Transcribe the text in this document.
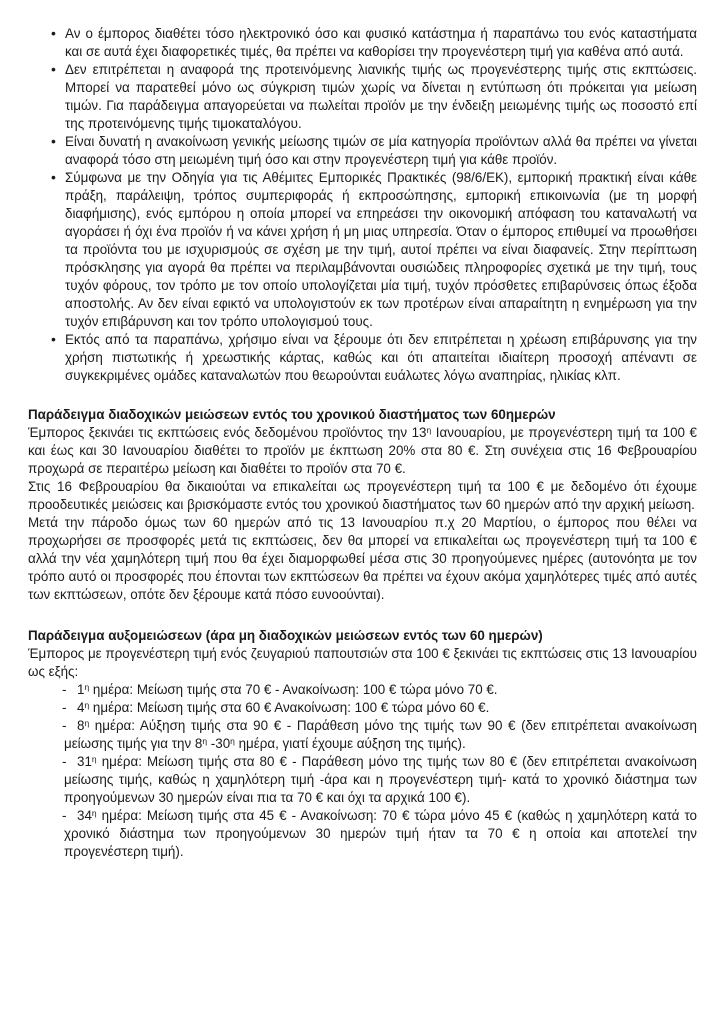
• Αν ο έμπορος διαθέτει τόσο ηλεκτρονικό όσο και φυσικό κατάστημα ή παραπάνω του ενός καταστήματα και σε αυτά έχει διαφορετικές τιμές, θα πρέπει να καθορίσει την προγενέστερη τιμή για καθένα από αυτά.
• Δεν επιτρέπεται η αναφορά της προτεινόμενης λιανικής τιμής ως προγενέστερης τιμής στις εκπτώσεις. Μπορεί να παρατεθεί μόνο ως σύγκριση τιμών χωρίς να δίνεται η εντύπωση ότι πρόκειται για μείωση τιμών. Για παράδειγμα απαγορεύεται να πωλείται προϊόν με την ένδειξη μειωμένης τιμής ως ποσοστό επί της προτεινόμενης τιμής τιμοκαταλόγου.
• Είναι δυνατή η ανακοίνωση γενικής μείωσης τιμών σε μία κατηγορία προϊόντων αλλά θα πρέπει να γίνεται αναφορά τόσο στη μειωμένη τιμή όσο και στην προγενέστερη τιμή για κάθε προϊόν.
• Σύμφωνα με την Οδηγία για τις Αθέμιτες Εμπορικές Πρακτικές (98/6/ΕΚ), εμπορική πρακτική είναι κάθε πράξη, παράλειψη, τρόπος συμπεριφοράς ή εκπροσώπησης, εμπορική επικοινωνία (με τη μορφή διαφήμισης), ενός εμπόρου η οποία μπορεί να επηρεάσει την οικονομική απόφαση του καταναλωτή να αγοράσει ή όχι ένα προϊόν ή να κάνει χρήση ή μη μιας υπηρεσία. Όταν ο έμπορος επιθυμεί να προωθήσει τα προϊόντα του με ισχυρισμούς σε σχέση με την τιμή, αυτοί πρέπει να είναι διαφανείς. Στην περίπτωση πρόσκλησης για αγορά θα πρέπει να περιλαμβάνονται ουσιώδεις πληροφορίες σχετικά με την τιμή, τους τυχόν φόρους, τον τρόπο με τον οποίο υπολογίζεται μία τιμή, τυχόν πρόσθετες επιβαρύνσεις όπως έξοδα αποστολής. Αν δεν είναι εφικτό να υπολογιστούν εκ των προτέρων είναι απαραίτητη η ενημέρωση για την τυχόν επιβάρυνση και τον τρόπο υπολογισμού τους.
• Εκτός από τα παραπάνω, χρήσιμο είναι να ξέρουμε ότι δεν επιτρέπεται η χρέωση επιβάρυνσης για την χρήση πιστωτικής ή χρεωστικής κάρτας, καθώς και ότι απαιτείται ιδιαίτερη προσοχή απέναντι σε συγκεκριμένες ομάδες καταναλωτών που θεωρούνται ευάλωτες λόγω αναπηρίας, ηλικίας κλπ.
Παράδειγμα διαδοχικών μειώσεων εντός του χρονικού διαστήματος των 60ημερών

Έμπορος ξεκινάει τις εκπτώσεις ενός δεδομένου προϊόντος την $13^\eta$ Ιανουαρίου, με προγενέστερη τιμή τα 100 € και έως και 30 Ιανουαρίου διαθέτει το προϊόν με έκπτωση 20% στα 80 €. Στη συνέχεια στις 16 Φεβρουαρίου προχωρά σε περαιτέρω μείωση και διαθέτει το προϊόν στα 70 €.

Στις 16 Φεβρουαρίου θα δικαιούται να επικαλείται ως προγενέστερη τιμή τα 100 € με δεδομένο ότι έχουμε προοδευτικές μειώσεις και βρισκόμαστε εντός του χρονικού διαστήματος των 60 ημερών από την αρχική μείωση.

Μετά την πάροδο όμως των 60 ημερών από τις 13 Ιανουαρίου π.χ 20 Μαρτίου, ο έμπορος που θέλει να προχωρήσει σε προσφορές μετά τις εκπτώσεις, δεν θα μπορεί να επικαλείται ως προγενέστερη τιμή τα 100 € αλλά την νέα χαμηλότερη τιμή που θα έχει διαμορφωθεί μέσα στις 30 προηγούμενες ημέρες (αυτονόητα με τον τρόπο αυτό οι προσφορές που έπονται των εκπτώσεων θα πρέπει να έχουν ακόμα χαμηλότερες τιμές από αυτές των εκπτώσεων, οπότε δεν ξέρουμε κατά πόσο ευνοούνται).

Παράδειγμα αυξομειώσεων (άρα μη διαδοχικών μειώσεων εντός των 60 ημερών)

Έμπορος με προγενέστερη τιμή ενός ζευγαριού παπουτσιών στα 100 € ξεκινάει τις εκπτώσεις στις 13 Ιανουαρίου ως εξής:

- $1^\eta$ ημέρα: Μείωση τιμής στα 70 € - Ανακοίνωση: 100 € τώρα μόνο 70 €.
- $4^\eta$ ημέρα: Μείωση τιμής στα 60 € Ανακοίνωση: 100 € τώρα μόνο 60 €.
- $8^\eta$ ημέρα: Αύξηση τιμής στα 90 € - Παράθεση μόνο της τιμής των 90 € (δεν επιτρέπεται ανακοίνωση μείωσης τιμής για την $8^\eta$ $-30^\eta$ ημέρα, γιατί έχουμε αύξηση της τιμής).
- $31^\eta$ ημέρα: Μείωση τιμής στα 80 € - Παράθεση μόνο της τιμής των 80 € (δεν επιτρέπεται ανακοίνωση μείωσης τιμής, καθώς η χαμηλότερη τιμή -άρα και η προγενέστερη τιμή- κατά το χρονικό διάστημα των προηγούμενων 30 ημερών είναι πια τα 70 € και όχι τα αρχικά 100 €).
- $34^\eta$ ημέρα: Μείωση τιμής στα 45 € - Ανακοίνωση: 70 € τώρα μόνο 45 € (καθώς η χαμηλότερη κατά το χρονικό διάστημα των προηγούμενων 30 ημερών τιμή ήταν τα 70 € η οποία και αποτελεί την προγενέστερη τιμή).
